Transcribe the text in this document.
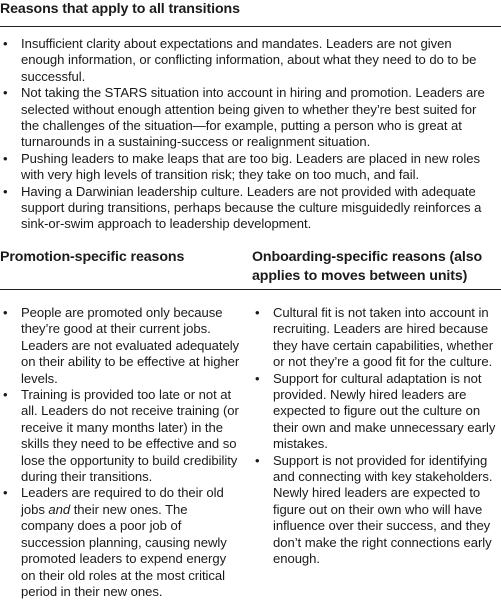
Reasons that apply to all transitions
• Insufficient clarity about expectations and mandates. Leaders are not given enough information, or conflicting information, about what they need to do to be successful.
• Not taking the STARS situation into account in hiring and promotion. Leaders are selected without enough attention being given to whether they’re best suited for the challenges of the situation—for example, putting a person who is great at turnarounds in a sustaining-success or realignment situation.
• Pushing leaders to make leaps that are too big. Leaders are placed in new roles with very high levels of transition risk; they take on too much, and fail.
• Having a Darwinian leadership culture. Leaders are not provided with adequate support during transitions, perhaps because the culture misguidedly reinforces a sink-or-swim approach to leadership development.
Promotion-specific reasons	Onboarding-specific reasons (also applies to moves between units)
• People are promoted only because they’re good at their current jobs. Leaders are not evaluated adequately on their ability to be effective at higher levels.
• Training is provided too late or not at all. Leaders do not receive training (or receive it many months later) in the skills they need to be effective and so lose the opportunity to build credibility during their transitions.
• Leaders are required to do their old jobs and their new ones. The company does a poor job of succession planning, causing newly promoted leaders to expend energy on their old roles at the most critical period in their new ones.
• Cultural fit is not taken into account in recruiting. Leaders are hired because they have certain capabilities, whether or not they’re a good fit for the culture.
• Support for cultural adaptation is not provided. Newly hired leaders are expected to figure out the culture on their own and make unnecessary early mistakes.
• Support is not provided for identifying and connecting with key stakeholders. Newly hired leaders are expected to figure out on their own who will have influence over their success, and they don’t make the right connections early enough.
